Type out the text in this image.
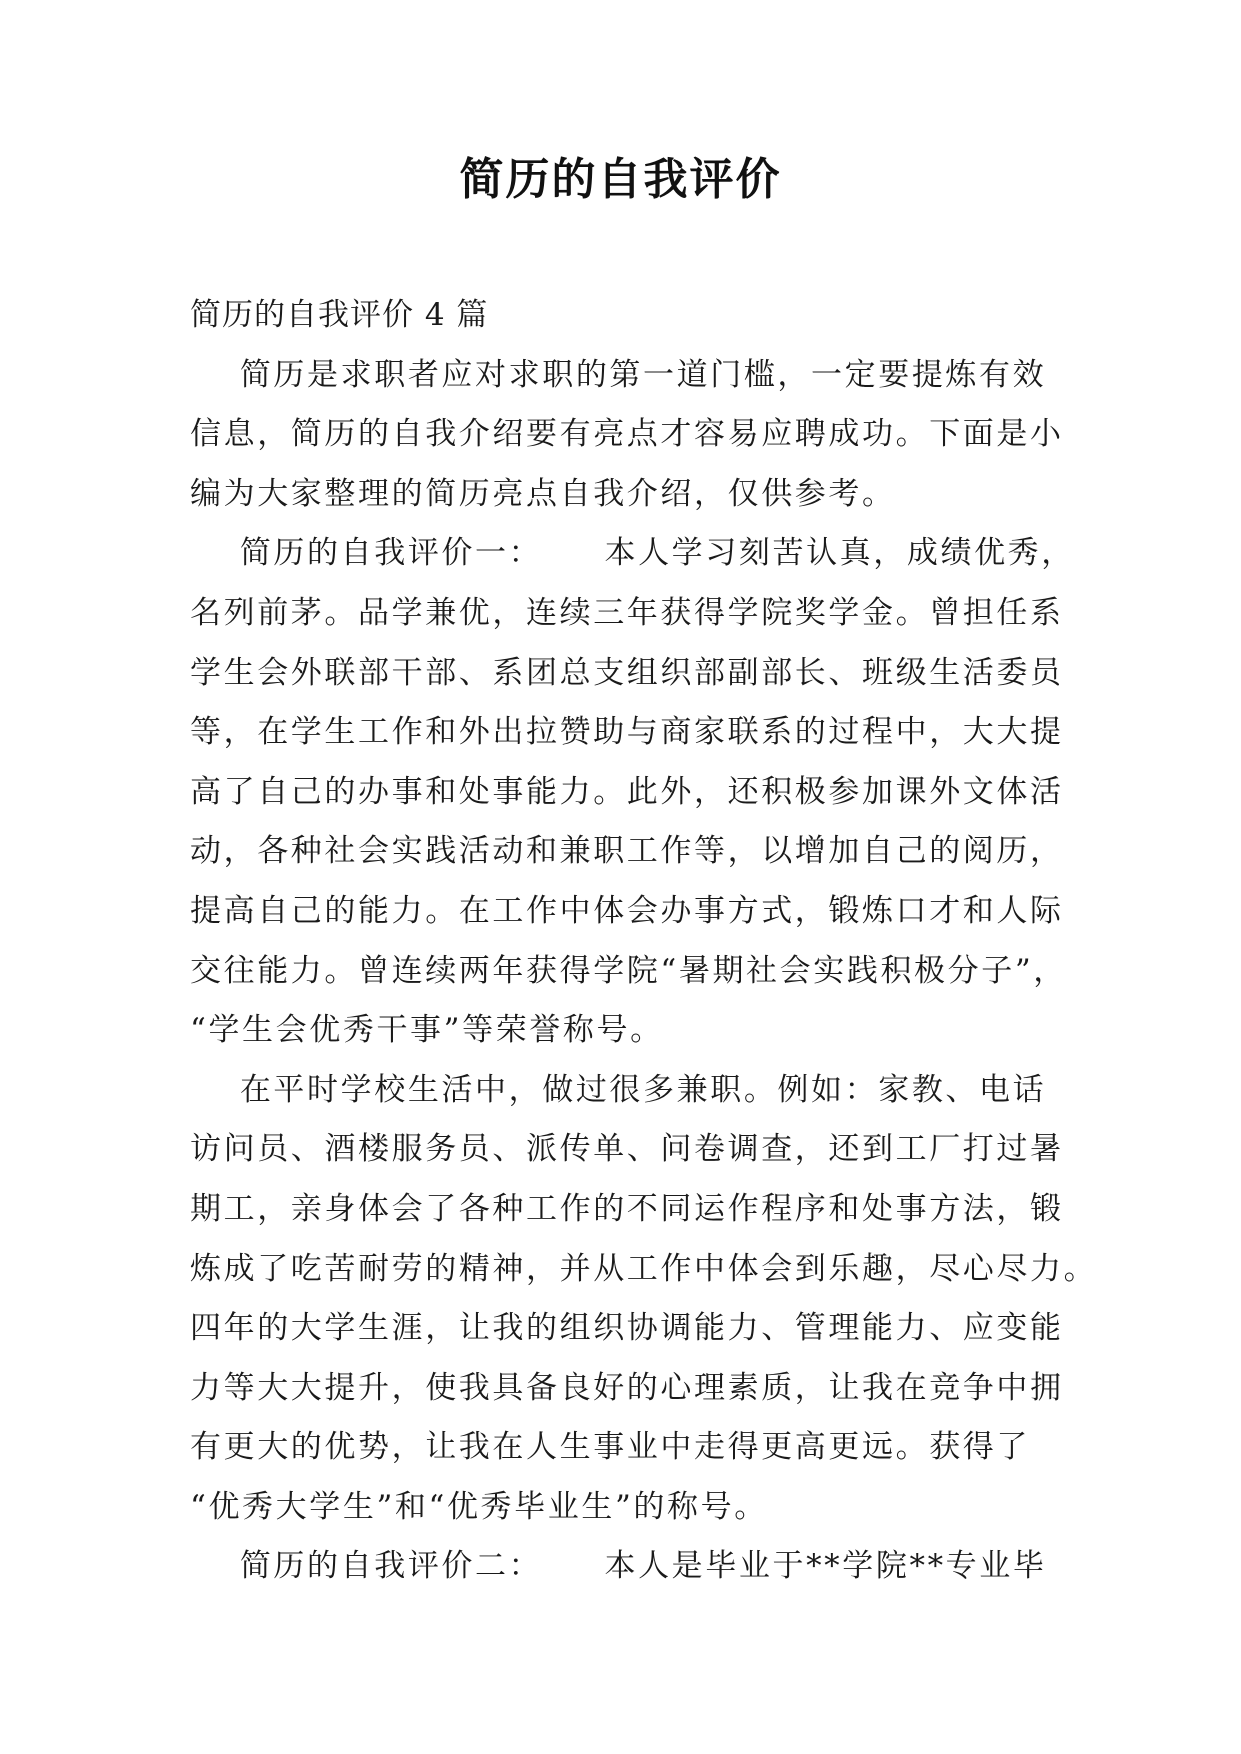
简历的自我评价
简历的自我评价 4 篇
简历是求职者应对求职的第一道门槛，一定要提炼有效
信息，简历的自我介绍要有亮点才容易应聘成功。下面是小
编为大家整理的简历亮点自我介绍，仅供参考。
简历的自我评价一：     本人学习刻苦认真，成绩优秀，
名列前茅。品学兼优，连续三年获得学院奖学金。曾担任系
学生会外联部干部、系团总支组织部副部长、班级生活委员
等，在学生工作和外出拉赞助与商家联系的过程中，大大提
高了自己的办事和处事能力。此外，还积极参加课外文体活
动，各种社会实践活动和兼职工作等，以增加自己的阅历，
提高自己的能力。在工作中体会办事方式，锻炼口才和人际
交往能力。曾连续两年获得学院“暑期社会实践积极分子”，
“学生会优秀干事”等荣誉称号。
在平时学校生活中，做过很多兼职。例如：家教、电话
访问员、酒楼服务员、派传单、问卷调查，还到工厂打过暑
期工，亲身体会了各种工作的不同运作程序和处事方法，锻
炼成了吃苦耐劳的精神，并从工作中体会到乐趣，尽心尽力。
四年的大学生涯，让我的组织协调能力、管理能力、应变能
力等大大提升，使我具备良好的心理素质，让我在竞争中拥
有更大的优势，让我在人生事业中走得更高更远。获得了
“优秀大学生”和“优秀毕业生”的称号。
简历的自我评价二：     本人是毕业于**学院**专业毕
